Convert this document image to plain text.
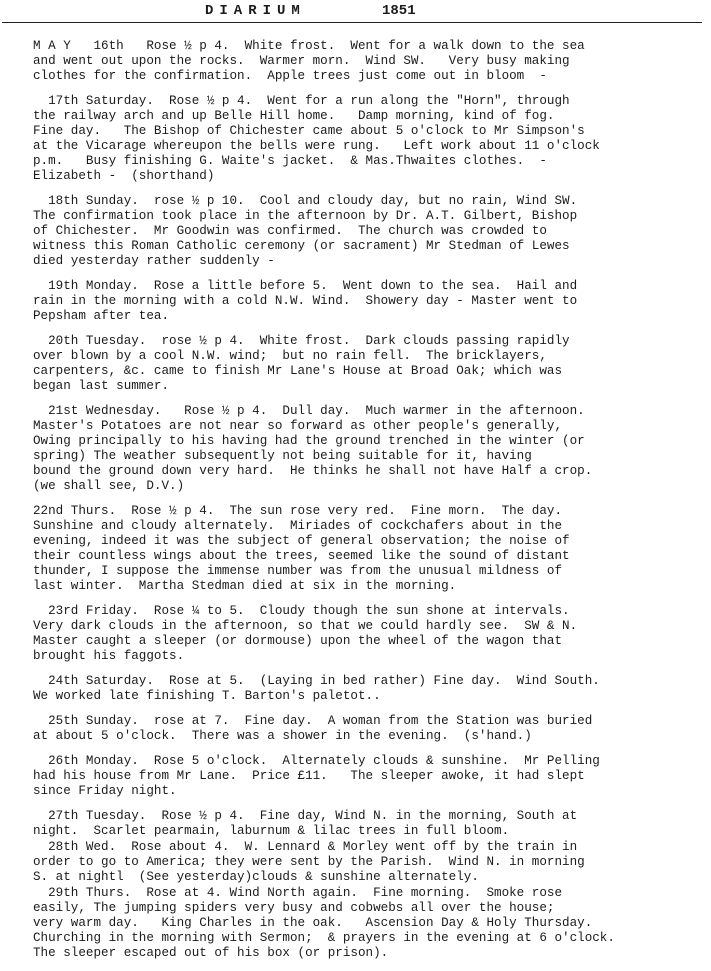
DIARIUM	1851
M A Y   16th   Rose ½ p 4.  White frost.  Went for a walk down to the sea
and went out upon the rocks.  Warmer morn.  Wind SW.   Very busy making
clothes for the confirmation.  Apple trees just come out in bloom  -
17th Saturday.  Rose ½ p 4.  Went for a run along the "Horn", through
the railway arch and up Belle Hill home.   Damp morning, kind of fog.
Fine day.   The Bishop of Chichester came about 5 o'clock to Mr Simpson's
at the Vicarage whereupon the bells were rung.   Left work about 11 o'clock
p.m.   Busy finishing G. Waite's jacket.  & Mas.Thwaites clothes.  -
Elizabeth -  (shorthand)
18th Sunday.  rose ½ p 10.  Cool and cloudy day, but no rain, Wind SW.
The confirmation took place in the afternoon by Dr. A.T. Gilbert, Bishop
of Chichester.  Mr Goodwin was confirmed.  The church was crowded to
witness this Roman Catholic ceremony (or sacrament) Mr Stedman of Lewes
died yesterday rather suddenly -
19th Monday.  Rose a little before 5.  Went down to the sea.  Hail and
rain in the morning with a cold N.W. Wind.  Showery day - Master went to
Pepsham after tea.
20th Tuesday.  rose ½ p 4.  White frost.  Dark clouds passing rapidly
over blown by a cool N.W. wind;  but no rain fell.  The bricklayers,
carpenters, &c. came to finish Mr Lane's House at Broad Oak; which was
began last summer.
21st Wednesday.   Rose ½ p 4.  Dull day.  Much warmer in the afternoon.
Master's Potatoes are not near so forward as other people's generally,
Owing principally to his having had the ground trenched in the winter (or
spring) The weather subsequently not being suitable for it, having
bound the ground down very hard.  He thinks he shall not have Half a crop.
(we shall see, D.V.)
22nd Thurs.  Rose ½ p 4.  The sun rose very red.  Fine morn.  The day.
Sunshine and cloudy alternately.  Miriades of cockchafers about in the
evening, indeed it was the subject of general observation; the noise of
their countless wings about the trees, seemed like the sound of distant
thunder, I suppose the immense number was from the unusual mildness of
last winter.  Martha Stedman died at six in the morning.
23rd Friday.  Rose ¼ to 5.  Cloudy though the sun shone at intervals.
Very dark clouds in the afternoon, so that we could hardly see.  SW & N.
Master caught a sleeper (or dormouse) upon the wheel of the wagon that
brought his faggots.
24th Saturday.  Rose at 5.  (Laying in bed rather) Fine day.  Wind South.
We worked late finishing T. Barton's paletot..
25th Sunday.  rose at 7.  Fine day.  A woman from the Station was buried
at about 5 o'clock.  There was a shower in the evening.  (s'hand.)
26th Monday.  Rose 5 o'clock.  Alternately clouds & sunshine.  Mr Pelling
had his house from Mr Lane.  Price £11.   The sleeper awoke, it had slept
since Friday night.
27th Tuesday.  Rose ½ p 4.  Fine day, Wind N. in the morning, South at
night.  Scarlet pearmain, laburnum & lilac trees in full bloom.
28th Wed.  Rose about 4.  W. Lennard & Morley went off by the train in
order to go to America; they were sent by the Parish.  Wind N. in morning
S. at nightl  (See yesterday)clouds & sunshine alternately.
29th Thurs.  Rose at 4. Wind North again.  Fine morning.  Smoke rose
easily, The jumping spiders very busy and cobwebs all over the house;
very warm day.   King Charles in the oak.   Ascension Day & Holy Thursday.
Churching in the morning with Sermon;  & prayers in the evening at 6 o'clock.
The sleeper escaped out of his box (or prison).
